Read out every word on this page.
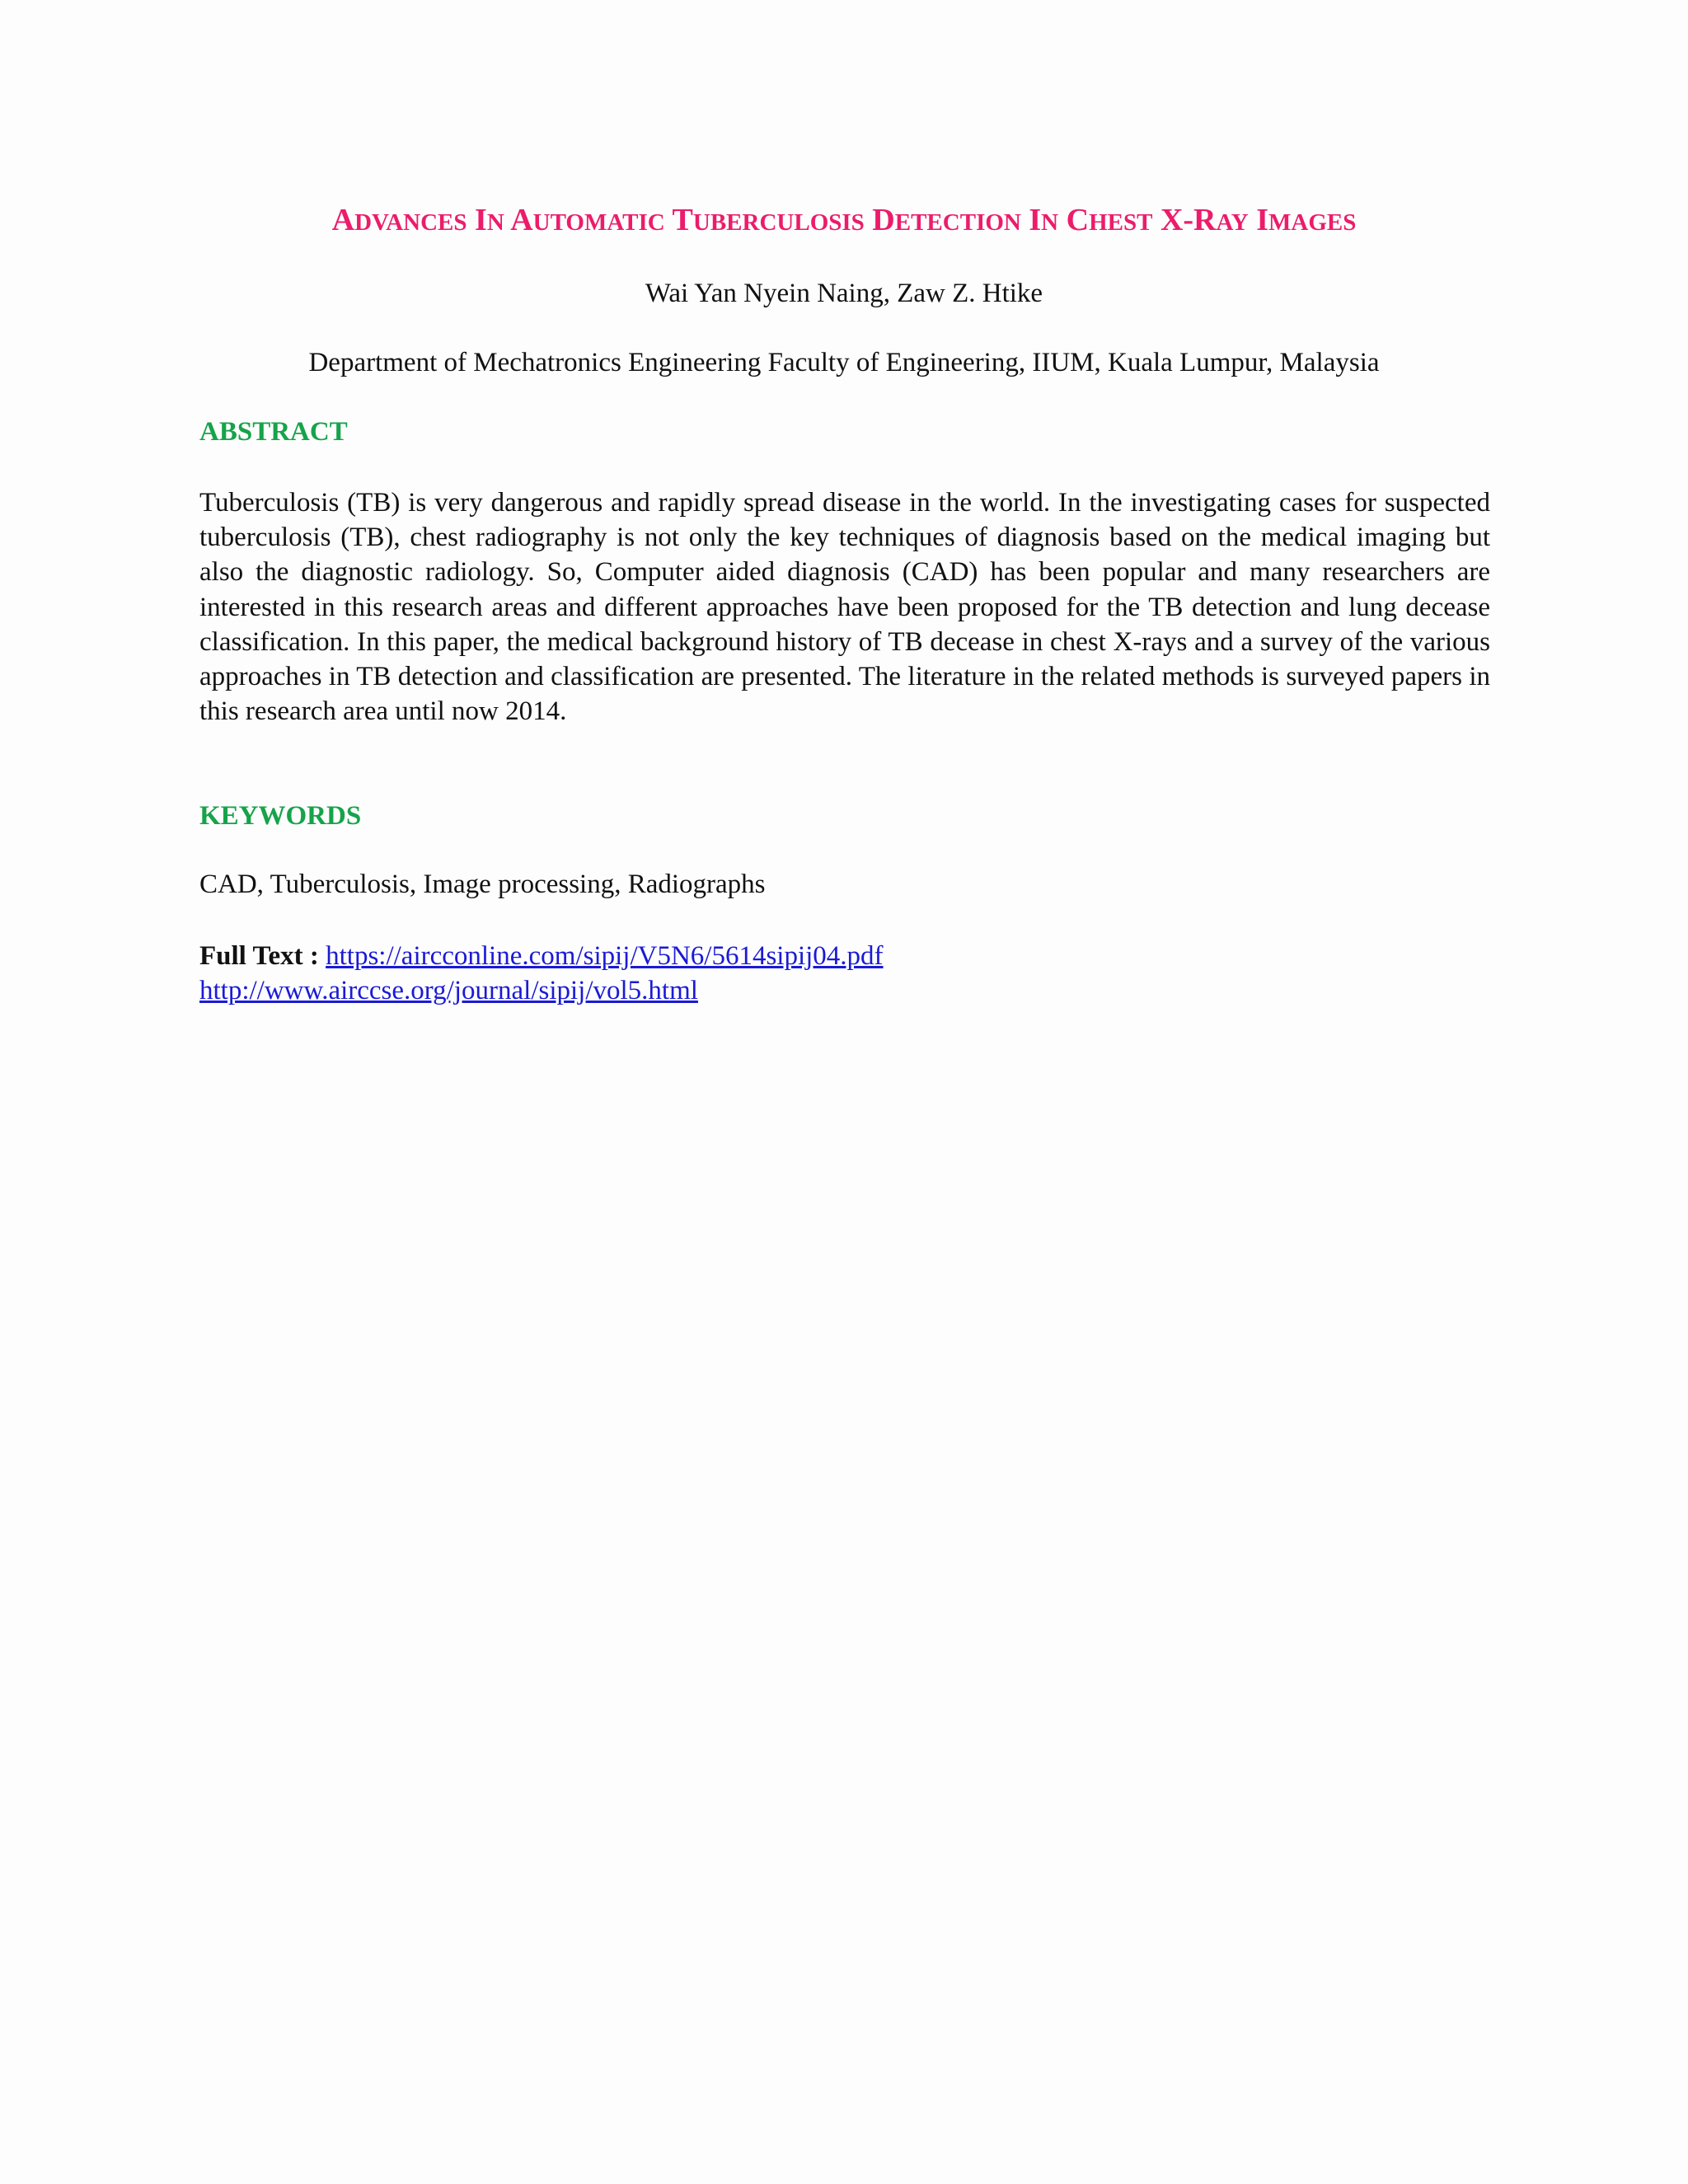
ADVANCES IN AUTOMATIC TUBERCULOSIS DETECTION IN CHEST X-RAY IMAGES

Wai Yan Nyein Naing, Zaw Z. Htike

Department of Mechatronics Engineering Faculty of Engineering, IIUM, Kuala Lumpur, Malaysia

ABSTRACT

Tuberculosis (TB) is very dangerous and rapidly spread disease in the world. In the investigating cases for suspected tuberculosis (TB), chest radiography is not only the key techniques of diagnosis based on the medical imaging but also the diagnostic radiology. So, Computer aided diagnosis (CAD) has been popular and many researchers are interested in this research areas and different approaches have been proposed for the TB detection and lung decease classification. In this paper, the medical background history of TB decease in chest X-rays and a survey of the various approaches in TB detection and classification are presented. The literature in the related methods is surveyed papers in this research area until now 2014.

KEYWORDS

CAD, Tuberculosis, Image processing, Radiographs

Full Text : https://aircconline.com/sipij/V5N6/5614sipij04.pdf
http://www.airccse.org/journal/sipij/vol5.html
